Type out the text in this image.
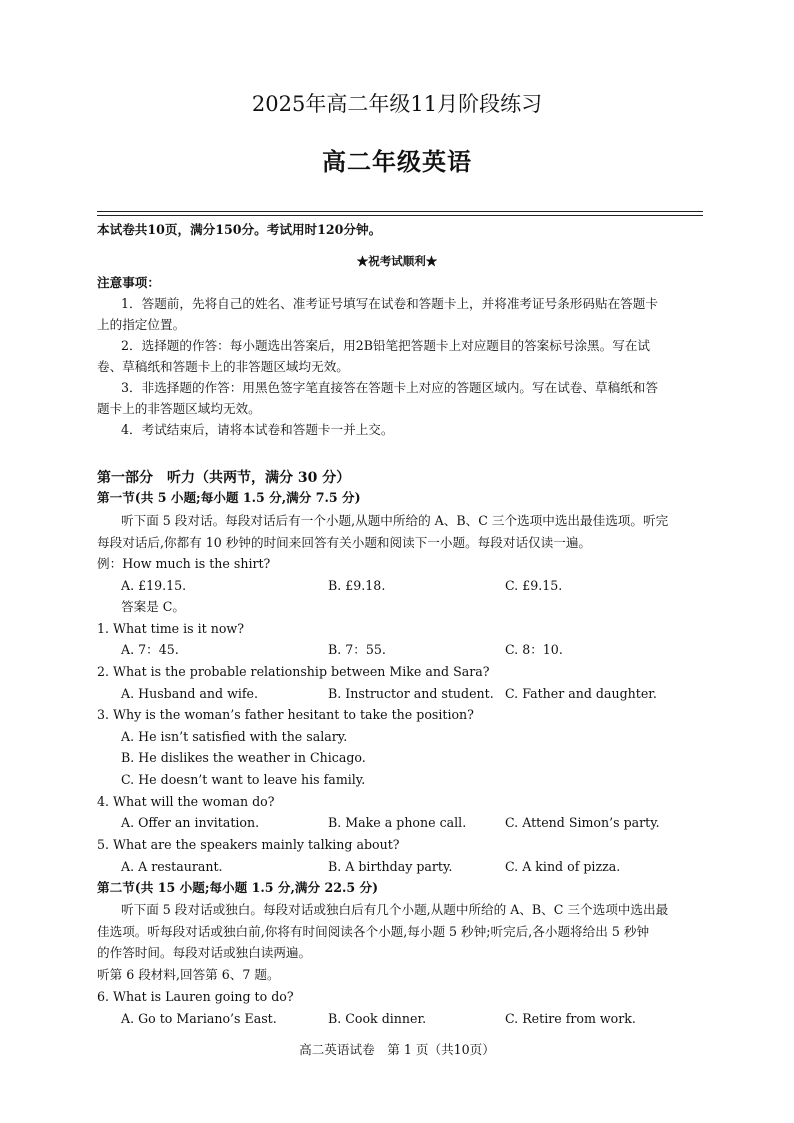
2025年高二年级11月阶段练习
高二年级英语
本试卷共10页，满分150分。考试用时120分钟。
★祝考试顺利★
注意事项：
1．答题前，先将自己的姓名、准考证号填写在试卷和答题卡上，并将准考证号条形码贴在答题卡
上的指定位置。
2．选择题的作答：每小题选出答案后，用2B铅笔把答题卡上对应题目的答案标号涂黑。写在试
卷、草稿纸和答题卡上的非答题区域均无效。
3．非选择题的作答：用黑色签字笔直接答在答题卡上对应的答题区域内。写在试卷、草稿纸和答
题卡上的非答题区域均无效。
4．考试结束后，请将本试卷和答题卡一并上交。
第一部分　听力（共两节，满分 30 分）
第一节(共 5 小题;每小题 1.5 分,满分 7.5 分)
听下面 5 段对话。每段对话后有一个小题,从题中所给的 A、B、C 三个选项中选出最佳选项。听完
每段对话后,你都有 10 秒钟的时间来回答有关小题和阅读下一小题。每段对话仅读一遍。
例：How much is the shirt?
A. £19.15.	B. £9.18.	C. £9.15.
答案是 C。
1. What time is it now?
A. 7：45.	B. 7：55.	C. 8：10.
2. What is the probable relationship between Mike and Sara?
A. Husband and wife.	B. Instructor and student. C. Father and daughter.
3. Why is the woman’s father hesitant to take the position?
A. He isn’t satisfied with the salary.
B. He dislikes the weather in Chicago.
C. He doesn’t want to leave his family.
4. What will the woman do?
A. Offer an invitation.	B. Make a phone call.	C. Attend Simon’s party.
5. What are the speakers mainly talking about?
A. A restaurant.	B. A birthday party.	C. A kind of pizza.
第二节(共 15 小题;每小题 1.5 分,满分 22.5 分)
听下面 5 段对话或独白。每段对话或独白后有几个小题,从题中所给的 A、B、C 三个选项中选出最
佳选项。听每段对话或独白前,你将有时间阅读各个小题,每小题 5 秒钟;听完后,各小题将给出 5 秒钟
的作答时间。每段对话或独白读两遍。
听第 6 段材料,回答第 6、7 题。
6. What is Lauren going to do?
A. Go to Mariano’s East.	B. Cook dinner.	C. Retire from work.
高二英语试卷　第 1 页（共10页）
